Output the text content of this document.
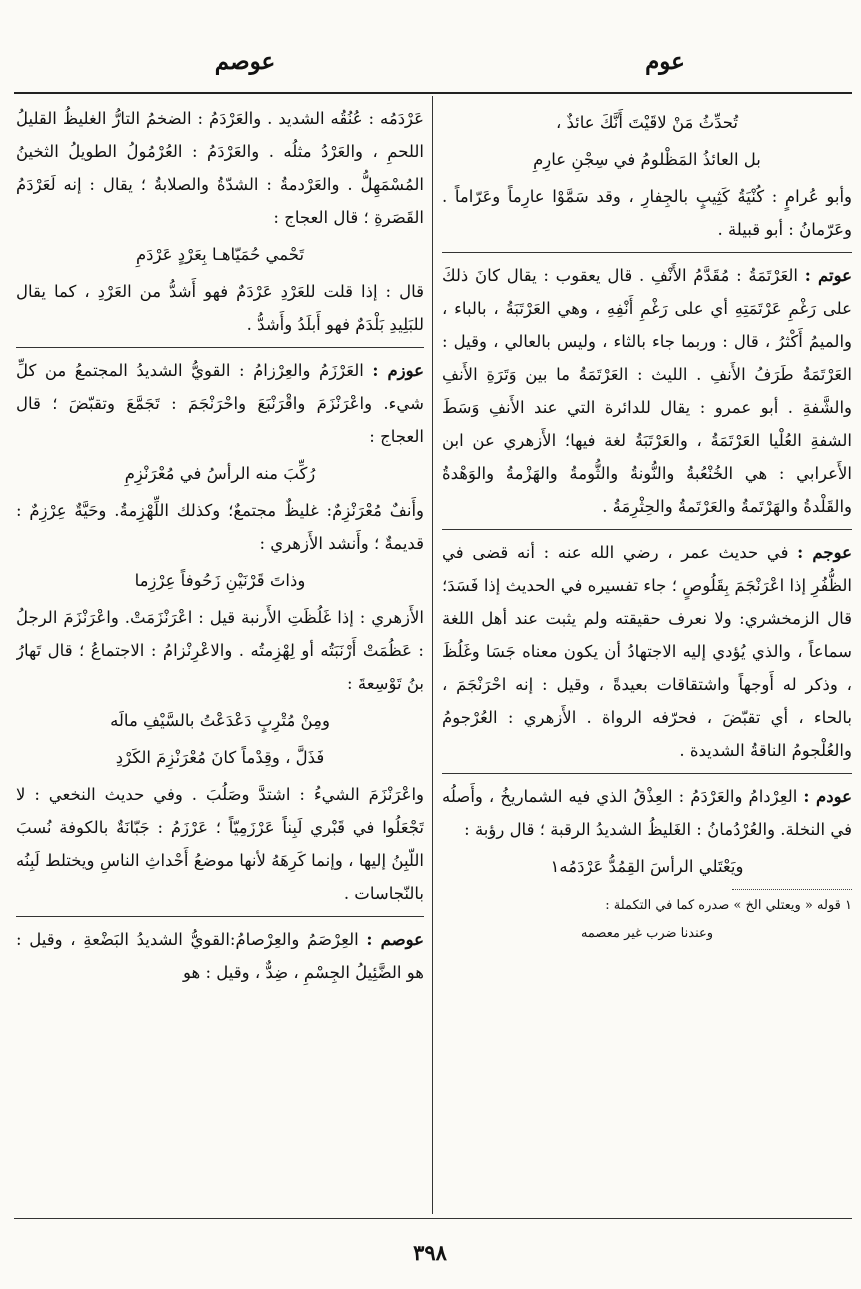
عوم
عوصم

تُحدِّثُ مَنْ لاقَيْتَ أَنَّكَ عائذٌ ،

بل العائذُ المَظْلومُ في سِجْنِ عارِمِ

وأبو عُرامٍ : كُنْيَةُ كَثِيبٍ بالجِفارِ ، وقد سَمَّوْا عارِماً وعَرّاماً . وعَرّمانُ : أبو قبيلة .

عوتم : العَرْتَمَةُ : مُقَدَّمُ الأَنْفِ . قال يعقوب : يقال كانَ ذلكَ على رَغْمِ عَرْتَمَتِهِ أي على رَغْمِ أَنْفِهِ ، وهي العَرْتَبَةُ ، بالباء ، والميمُ أَكْثرُ ، قال : وربما جاء بالثاء ، وليس بالعالي ، وقيل : العَرْتَمَةُ طَرَفُ الأَنفِ . الليث : العَرْتَمَةُ ما بين وَتَرَةِ الأَنفِ والشَّفةِ . أبو عمرو : يقال للدائرة التي عند الأَنفِ وَسَطَ الشفةِ العُلْيا العَرْتَمَةُ ، والعَرْتَبَةُ لغة فيها؛ الأَزهري عن ابن الأَعرابي : هي الخُنْعُبةُ والنُّونةُ والثُّومةُ والهَزْمةُ والوَهْدةُ والقَلْدةُ والهَرْتَمةُ والعَرْتَمةُ والحِثْرِمَةُ .

عوجم : في حديث عمر ، رضي الله عنه : أنه قضى في الظُّفُرِ إذا اعْرَنْجَمَ بِقَلُوصٍ ؛ جاء تفسيره في الحديث إذا فَسَدَ؛ قال الزمخشري: ولا نعرف حقيقته ولم يثبت عند أهل اللغة سماعاً ، والذي يُؤدي إليه الاجتهادُ أن يكون معناه جَسَا وغَلُظَ ، وذكر له أَوجهاً واشتقاقات بعيدةً ، وقيل : إنه احْرَنْجَمَ ، بالحاء ، أي تقبّضَ ، فحرّفه الرواة . الأَزهري : العُرْجومُ والعُلْجومُ الناقةُ الشديدة .

عودم : العِرْدامُ والعَرْدَمُ : العِذْقُ الذي فيه الشماريخُ ، وأَصلُه في النخلة. والعُرْدُمانُ : الغَليظُ الشديدُ الرقبة ؛ قال رؤبة :

ويَعْتَلي الرأسَ القِمُدُّ عَرْدَمُه١

١ قوله « ويعتلي الخ » صدره كما في التكملة :

وعندنا ضرب غير معصمه

عَرْدَمُه : عُنُقُه الشديد . والعَرْدَمُ : الضخمُ التارُّ الغليظُ القليلُ اللحمِ ، والعَرْدُ مثلُه . والعَرْدَمُ : العُرْمُولُ الطويلُ الثخينُ المُسْمَهِلُّ . والعَرْدمةُ : الشدّةُ والصلابةُ ؛ يقال : إنه لَعَرْدَمُ القَصَرةِ ؛ قال العجاج :

تَحْمي حُمَيّاهـا بِعَرْدٍ عَرْدَمِ

قال : إذا قلت للعَرْدِ عَرْدَمٌ فهو أَشدُّ من العَرْدِ ، كما يقال للبَلِيدِ بَلْدَمٌ فهو أَبلَدُ وأَشدُّ .

عوزم : العَرْزَمُ والعِرْزامُ : القويُّ الشديدُ المجتمعُ من كلِّ شيء. واعْرَنْزَمَ واقْرَنْبَعَ واحْرَنْجَمَ : تَجَمَّعَ وتقبّضَ ؛ قال العجاج :

رُكِّبَ منه الرأسُ في مُعْرَنْزِمِ

وأَنفٌ مُعْرَنْزِمٌ: غليظٌ مجتمعٌ؛ وكذلك اللِّهْزِمةُ. وحَيَّةٌ عِرْزِمٌ : قديمةٌ ؛ وأَنشد الأَزهري :

وذاتَ قَرْنَيْنِ زَحُوفاً عِرْزِما

الأَزهري : إذا غَلُظَتِ الأَرنبة قيل : اعْرَنْزَمَتْ. واعْرَنْزَمَ الرجلُ : عَظُمَتْ أَرْنَبَتُه أو لِهْزِمتُه . والاعْرِنْزامُ : الاجتماعُ ؛ قال تَهارُ بنُ تَوْسِعةَ :

ومِنْ مُتْرِبٍ دَعْدَعْتُ بالسَّيْفِ مالَه

فَذَلَّ ، وقِدْماً كانَ مُعْرَنْزِمَ الكَرْدِ

واعْرَنْزَمَ الشيءُ : اشتدَّ وصَلُبَ . وفي حديث النخعي : لا تَجْعَلُوا في قَبْري لَبِناً عَرْزَمِيّاً ؛ عَرْزَمُ : جَبّانَةٌ بالكوفة نُسبَ اللّبِنُ إليها ، وإنما كَرِهَهُ لأنها موضعُ أَحْداثِ الناسِ ويختلط لَبِنُه بالنّجاسات .

عوصم : العِرْصَمُ والعِرْصامُ:القويُّ الشديدُ البَضْعةِ ، وقيل : هو الضَّئِيلُ الجِسْمِ ، ضِدٌّ ، وقيل : هو

٣٩٨
